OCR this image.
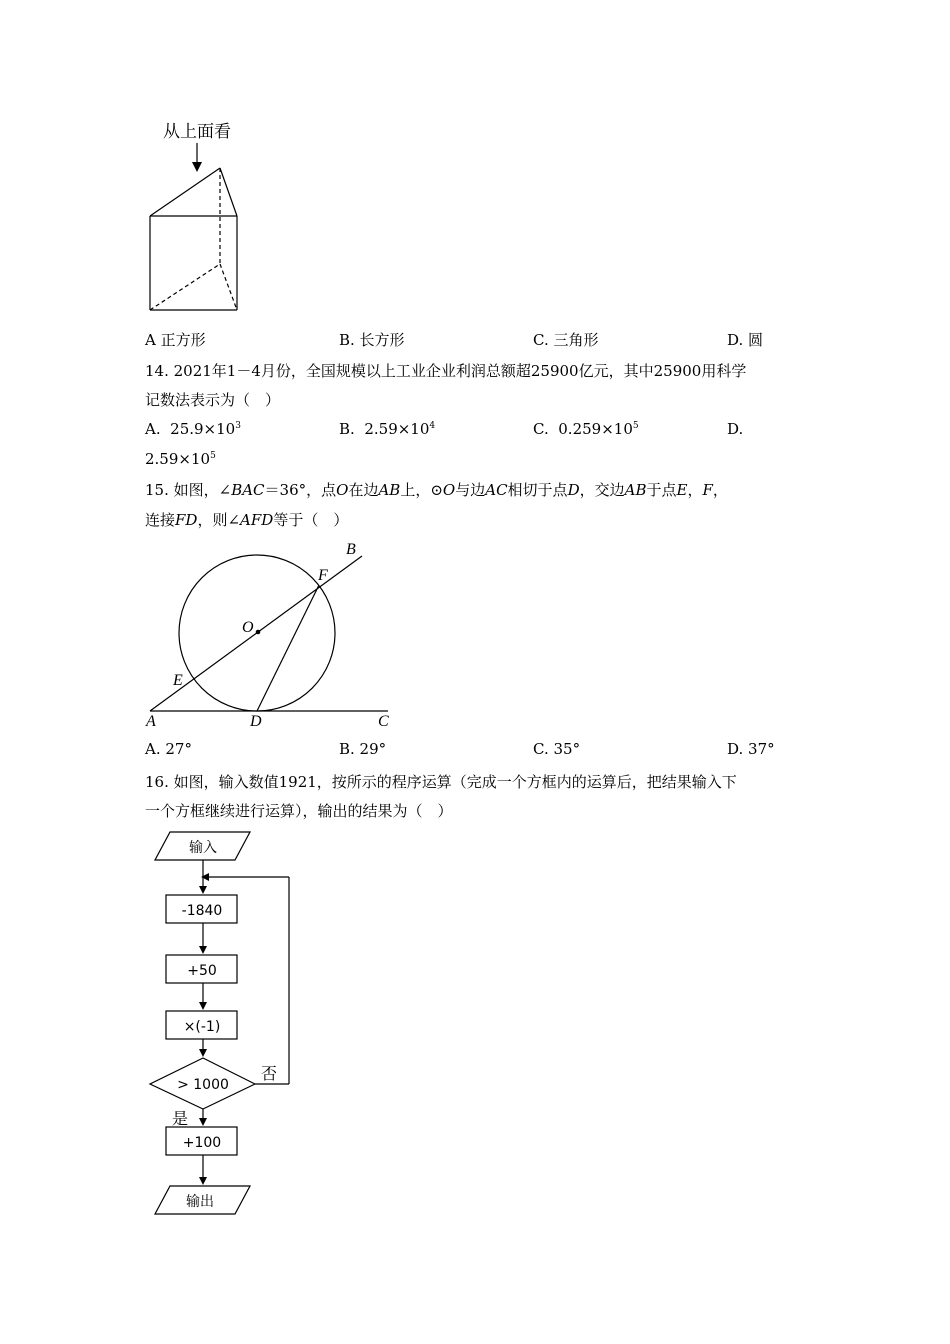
从上面看
A 正方形	B. 长方形	C. 三角形	D. 圆
14. 2021年1－4月份，全国规模以上工业企业利润总额超25900亿元，其中25900用科学
记数法表示为（　）
A. $25.9\times 10^3$	B. $2.59\times 10^4$	C. $0.259\times 10^5$	D.
$2.59\times 10^5$
15. 如图，∠BAC＝36°，点O在边AB上，⊙O与边AC相切于点D，交边AB于点E，F，
连接FD，则∠AFD等于（　）
B
F
O
E
A	D	C
A. 27°	B. 29°	C. 35°	D. 37°
16. 如图，输入数值1921，按所示的程序运算（完成一个方框内的运算后，把结果输入下
一个方框继续进行运算），输出的结果为（　）
输入
-1840
+50
×(-1)
> 1000
+100
输出
否
是
